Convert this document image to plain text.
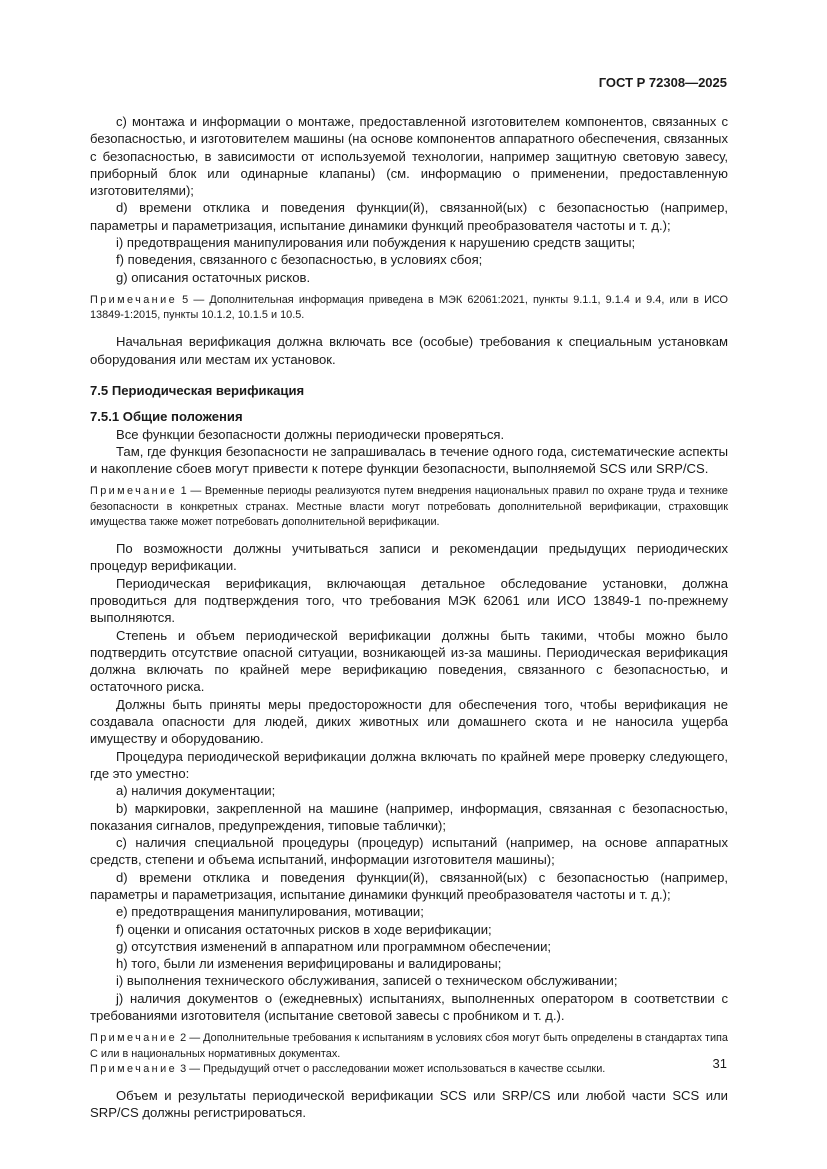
ГОСТ Р 72308—2025

c) монтажа и информации о монтаже, предоставленной изготовителем компонентов, связанных с безопасностью, и изготовителем машины (на основе компонентов аппаратного обеспечения, связанных с безопасностью, в зависимости от используемой технологии, например защитную световую завесу, приборный блок или одинарные клапаны) (см. информацию о применении, предоставленную изготовителями);

d) времени отклика и поведения функции(й), связанной(ых) с безопасностью (например, параметры и параметризация, испытание динамики функций преобразователя частоты и т. д.);

i) предотвращения манипулирования или побуждения к нарушению средств защиты;

f) поведения, связанного с безопасностью, в условиях сбоя;

g) описания остаточных рисков.

Примечание 5 — Дополнительная информация приведена в МЭК 62061:2021, пункты 9.1.1, 9.1.4 и 9.4, или в ИСО 13849-1:2015, пункты 10.1.2, 10.1.5 и 10.5.

Начальная верификация должна включать все (особые) требования к специальным установкам оборудования или местам их установок.

7.5 Периодическая верификация

7.5.1 Общие положения

Все функции безопасности должны периодически проверяться.

Там, где функция безопасности не запрашивалась в течение одного года, систематические аспекты и накопление сбоев могут привести к потере функции безопасности, выполняемой SCS или SRP/CS.

Примечание 1 — Временные периоды реализуются путем внедрения национальных правил по охране труда и технике безопасности в конкретных странах. Местные власти могут потребовать дополнительной верификации, страховщик имущества также может потребовать дополнительной верификации.

По возможности должны учитываться записи и рекомендации предыдущих периодических процедур верификации.

Периодическая верификация, включающая детальное обследование установки, должна проводиться для подтверждения того, что требования МЭК 62061 или ИСО 13849-1 по-прежнему выполняются.

Степень и объем периодической верификации должны быть такими, чтобы можно было подтвердить отсутствие опасной ситуации, возникающей из-за машины. Периодическая верификация должна включать по крайней мере верификацию поведения, связанного с безопасностью, и остаточного риска.

Должны быть приняты меры предосторожности для обеспечения того, чтобы верификация не создавала опасности для людей, диких животных или домашнего скота и не наносила ущерба имуществу и оборудованию.

Процедура периодической верификации должна включать по крайней мере проверку следующего, где это уместно:

a) наличия документации;

b) маркировки, закрепленной на машине (например, информация, связанная с безопасностью, показания сигналов, предупреждения, типовые таблички);

c) наличия специальной процедуры (процедур) испытаний (например, на основе аппаратных средств, степени и объема испытаний, информации изготовителя машины);

d) времени отклика и поведения функции(й), связанной(ых) с безопасностью (например, параметры и параметризация, испытание динамики функций преобразователя частоты и т. д.);

e) предотвращения манипулирования, мотивации;

f) оценки и описания остаточных рисков в ходе верификации;

g) отсутствия изменений в аппаратном или программном обеспечении;

h) того, были ли изменения верифицированы и валидированы;

i) выполнения технического обслуживания, записей о техническом обслуживании;

j) наличия документов о (ежедневных) испытаниях, выполненных оператором в соответствии с требованиями изготовителя (испытание световой завесы с пробником и т. д.).

Примечание 2 — Дополнительные требования к испытаниям в условиях сбоя могут быть определены в стандартах типа С или в национальных нормативных документах.

Примечание 3 — Предыдущий отчет о расследовании может использоваться в качестве ссылки.

Объем и результаты периодической верификации SCS или SRP/CS или любой части SCS или SRP/CS должны регистрироваться.

31
